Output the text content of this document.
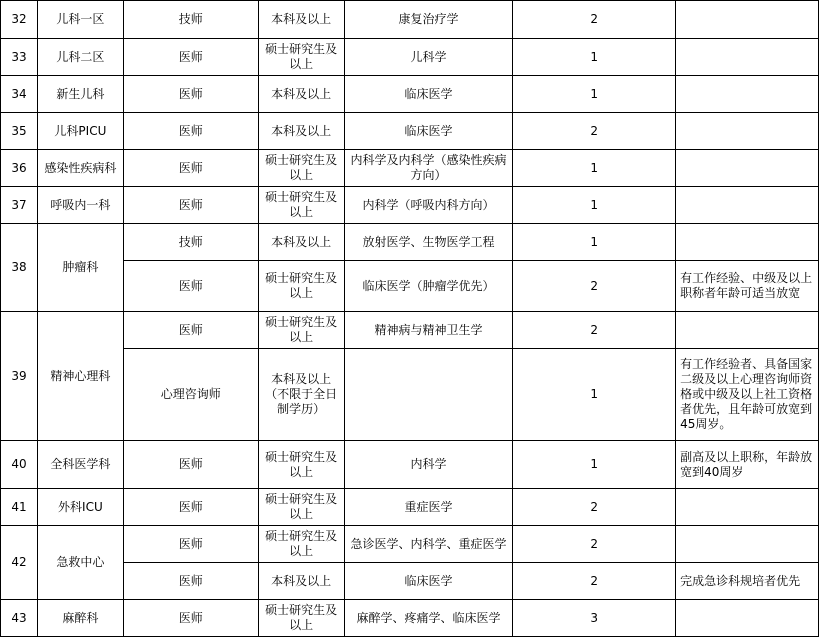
32	儿科一区	技师	本科及以上	康复治疗学	2	
33	儿科二区	医师	硕士研究生及以上	儿科学	1	
34	新生儿科	医师	本科及以上	临床医学	1	
35	儿科PICU	医师	本科及以上	临床医学	2	
36	感染性疾病科	医师	硕士研究生及以上	内科学及内科学（感染性疾病方向）	1	
37	呼吸内一科	医师	硕士研究生及以上	内科学（呼吸内科方向）	1	
38	肿瘤科	技师	本科及以上	放射医学、生物医学工程	1	
		医师	硕士研究生及以上	临床医学（肿瘤学优先）	2	有工作经验、中级及以上职称者年龄可适当放宽
39	精神心理科	医师	硕士研究生及以上	精神病与精神卫生学	2	
		心理咨询师	本科及以上（不限于全日制学历）		1	有工作经验者、具备国家二级及以上心理咨询师资格或中级及以上社工资格者优先，且年龄可放宽到45周岁。
40	全科医学科	医师	硕士研究生及以上	内科学	1	副高及以上职称，年龄放宽到40周岁
41	外科ICU	医师	硕士研究生及以上	重症医学	2	
42	急救中心	医师	硕士研究生及以上	急诊医学、内科学、重症医学	2	
		医师	本科及以上	临床医学	2	完成急诊科规培者优先
43	麻醉科	医师	硕士研究生及以上	麻醉学、疼痛学、临床医学	3	
